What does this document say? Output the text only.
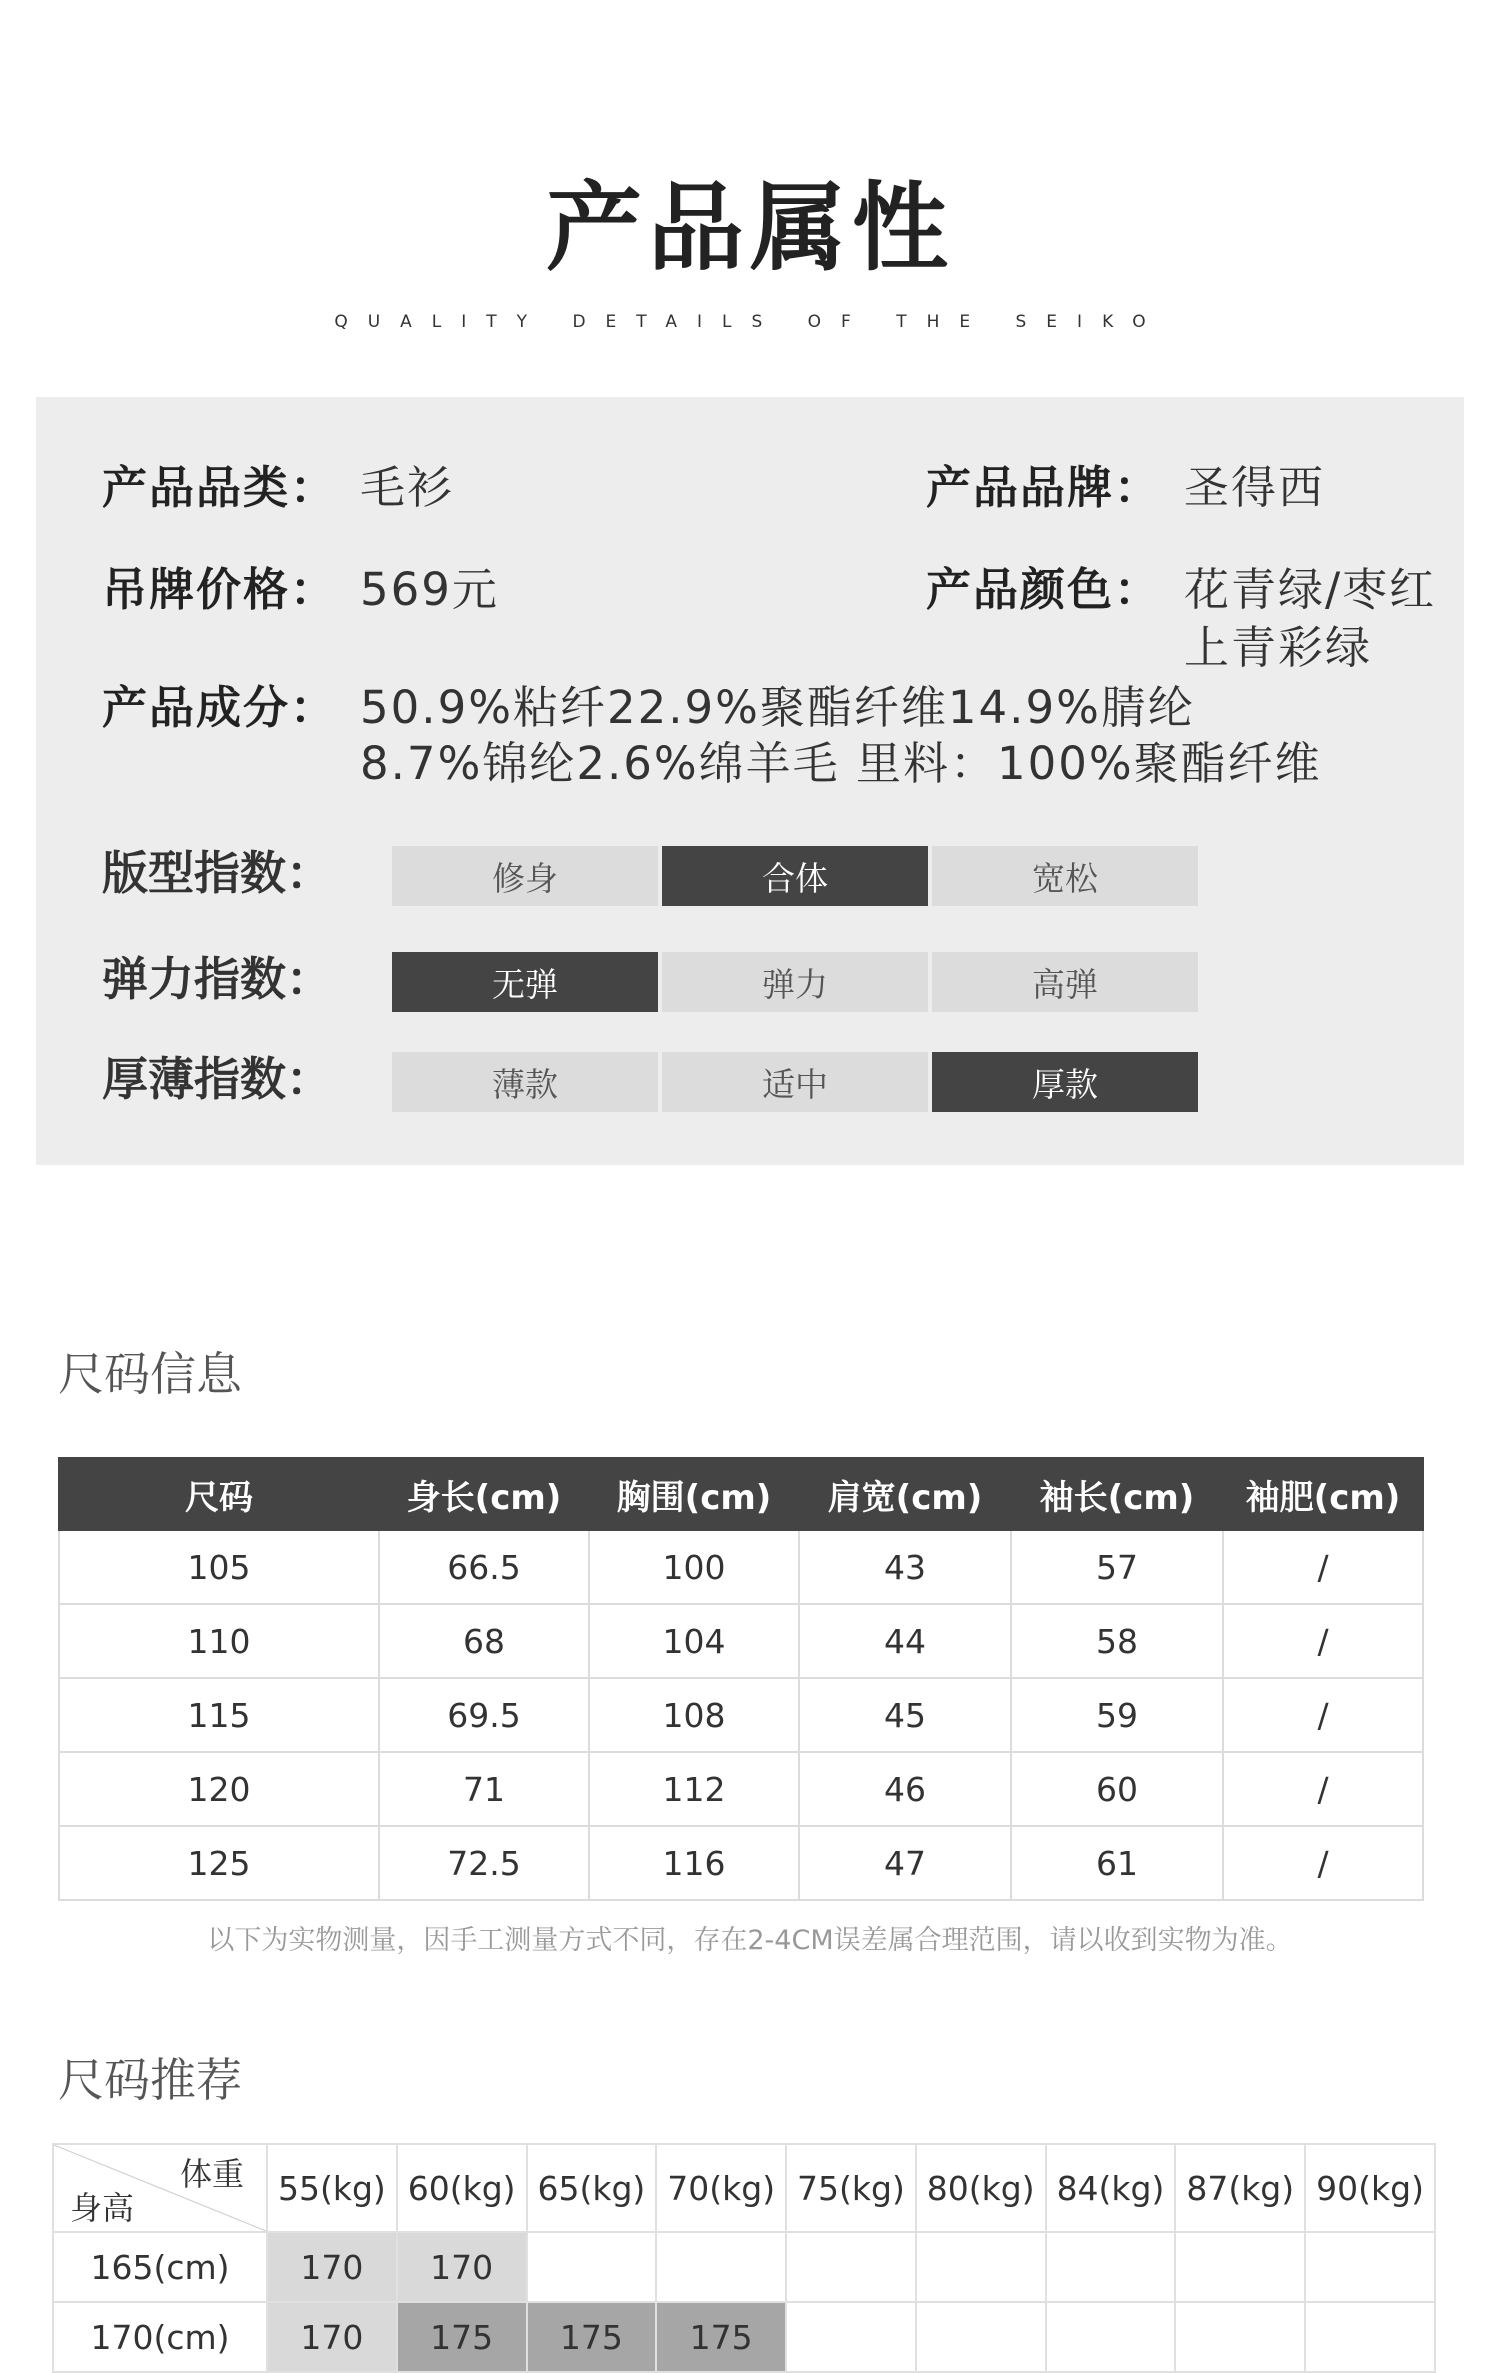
产品属性
QUALITY DETAILS OF THE SEIKO
产品品类： 毛衫	产品品牌： 圣得西
吊牌价格： 569元	产品颜色： 花青绿/枣红
上青彩绿
产品成分： 50.9%粘纤22.9%聚酯纤维14.9%腈纶
8.7%锦纶2.6%绵羊毛 里料：100%聚酯纤维
版型指数：	修身	合体	宽松
弹力指数：	无弹	弹力	高弹
厚薄指数：	薄款	适中	厚款
尺码信息
尺码	身长(cm)	胸围(cm)	肩宽(cm)	袖长(cm)	袖肥(cm)
105	66.5	100	43	57	/
110	68	104	44	58	/
115	69.5	108	45	59	/
120	71	112	46	60	/
125	72.5	116	47	61	/
以下为实物测量，因手工测量方式不同，存在2-4CM误差属合理范围，请以收到实物为准。
尺码推荐
体重
身高	55(kg)	60(kg)	65(kg)	70(kg)	75(kg)	80(kg)	84(kg)	87(kg)	90(kg)
165(cm)	170	170							
170(cm)	170	175	175	175					
